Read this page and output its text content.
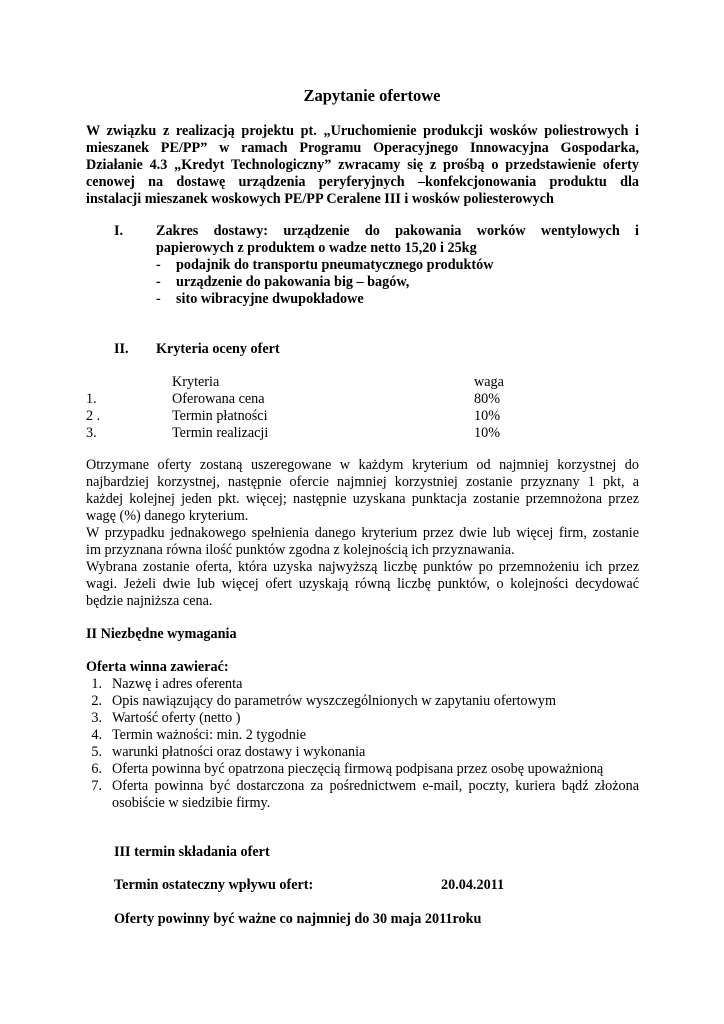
Zapytanie ofertowe
W związku z realizacją projektu pt. „Uruchomienie produkcji wosków poliestrowych i
mieszanek PE/PP” w ramach Programu Operacyjnego Innowacyjna Gospodarka,
Działanie 4.3 „Kredyt Technologiczny” zwracamy się z prośbą o przedstawienie oferty
cenowej na dostawę urządzenia peryferyjnych –konfekcjonowania produktu dla
instalacji mieszanek woskowych PE/PP Ceralene III i wosków poliesterowych
I. Zakres dostawy: urządzenie do pakowania worków wentylowych i
papierowych z produktem o wadze netto 15,20 i 25kg
-	podajnik do transportu pneumatycznego produktów
-	urządzenie do pakowania big – bagów,
-	sito wibracyjne dwupokładowe
II. Kryteria oceny ofert
	Kryteria	waga
1.	Oferowana cena	80%
2 .	Termin płatności	10%
3.	Termin realizacji	10%
Otrzymane oferty zostaną uszeregowane w każdym kryterium od najmniej korzystnej do
najbardziej korzystnej, następnie ofercie najmniej korzystniej zostanie przyznany 1 pkt, a
każdej kolejnej jeden pkt. więcej; następnie uzyskana punktacja zostanie przemnożona przez
wagę (%) danego kryterium.
W przypadku jednakowego spełnienia danego kryterium przez dwie lub więcej firm, zostanie
im przyznana równa ilość punktów zgodna z kolejnością ich przyznawania.
Wybrana zostanie oferta, która uzyska najwyższą liczbę punktów po przemnożeniu ich przez
wagi. Jeżeli dwie lub więcej ofert uzyskają równą liczbę punktów, o kolejności decydować
będzie najniższa cena.
II Niezbędne wymagania
Oferta winna zawierać:
1. Nazwę i adres oferenta
2. Opis nawiązujący do parametrów wyszczególnionych w zapytaniu ofertowym
3. Wartość oferty (netto )
4. Termin ważności: min. 2 tygodnie
5. warunki płatności oraz dostawy i wykonania
6. Oferta powinna być opatrzona pieczęcią firmową podpisana przez osobę upoważnioną
7. Oferta powinna być dostarczona za pośrednictwem e-mail, poczty, kuriera bądź złożona
osobiście w siedzibie firmy.
III termin składania ofert
Termin ostateczny wpływu ofert:	20.04.2011
Oferty powinny być ważne co najmniej do 30 maja 2011roku
